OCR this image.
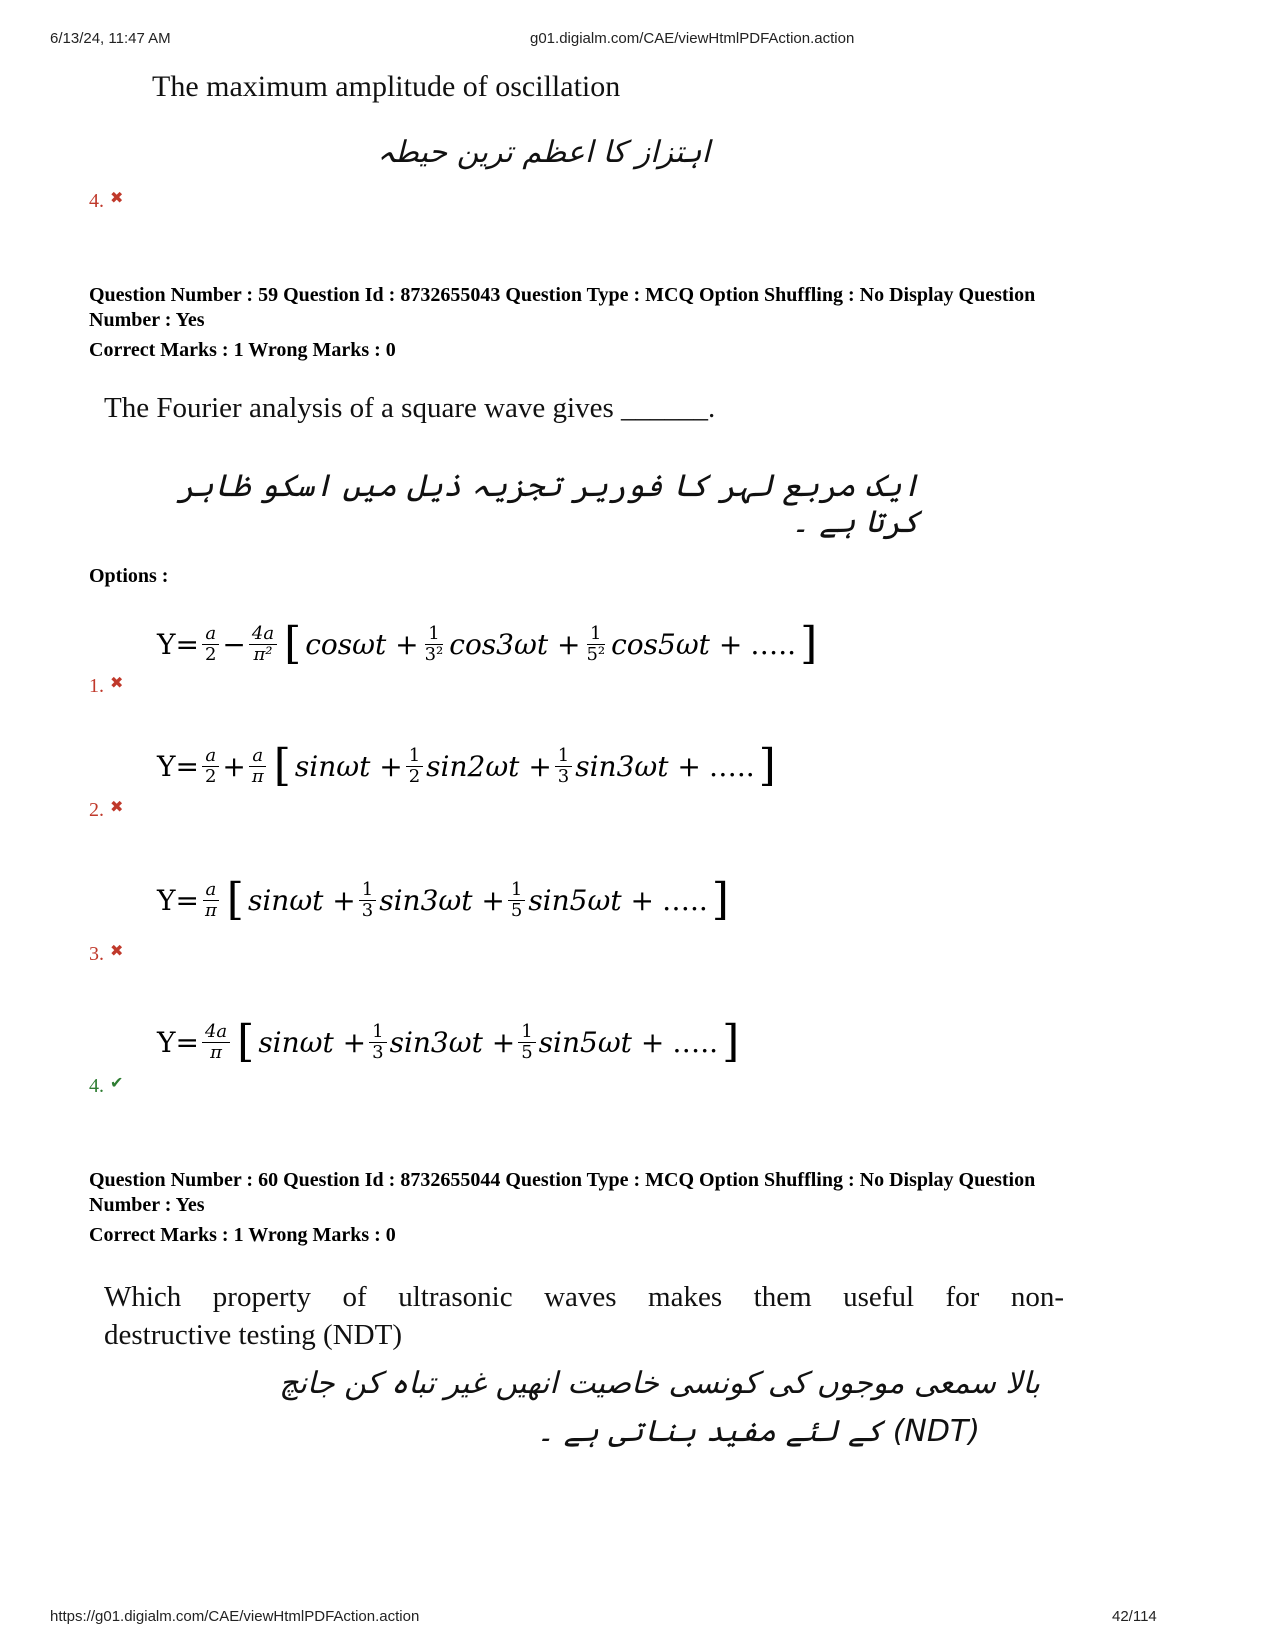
6/13/24, 11:47 AM	g01.digialm.com/CAE/viewHtmlPDFAction.action
The maximum amplitude of oscillation
اہتزاز کا اعظم ترین حیطہ
4. ✖
Question Number : 59 Question Id : 8732655043 Question Type : MCQ Option Shuffling : No Display Question
Number : Yes
Correct Marks : 1 Wrong Marks : 0
The Fourier analysis of a square wave gives ______.
ایک مربع لہر کا فوریر تجزیہ ذیل میں اسکو ظاہر کرتا ہے ۔
Options :
$Y= \frac{a}{2} - \frac{4a}{\text{π²}}$ [ $\cos\omega t + \frac{1}{\text{3²}} \cos 3\omega t + \frac{1}{\text{5²}} \cos 5\omega t$ + ….. ]
1. ✖
$Y= \frac{a}{2} + \frac{a}{\pi}$ [ $\sin\omega t + \frac{1}{2} \sin 2\omega t + \frac{1}{3} \sin 3\omega t$ + ….. ]
2. ✖
$Y= \frac{a}{\pi}$ [ $\sin\omega t + \frac{1}{3} \sin 3\omega t + \frac{1}{5} \sin 5\omega t$ + ….. ]
3. ✖
$Y= \frac{4a}{\pi}$ [ $\sin\omega t + \frac{1}{3} \sin 3\omega t + \frac{1}{5} \sin 5\omega t$ + ….. ]
4. ✔
Question Number : 60 Question Id : 8732655044 Question Type : MCQ Option Shuffling : No Display Question
Number : Yes
Correct Marks : 1 Wrong Marks : 0
Which property of ultrasonic waves makes them useful for non-
destructive testing (NDT)
بالا سمعی موجوں کی کونسی خاصیت انھیں غیر تباہ کن جانچ
(NDT) کے لئے مفید بناتی ہے ۔
https://g01.digialm.com/CAE/viewHtmlPDFAction.action	42/114
